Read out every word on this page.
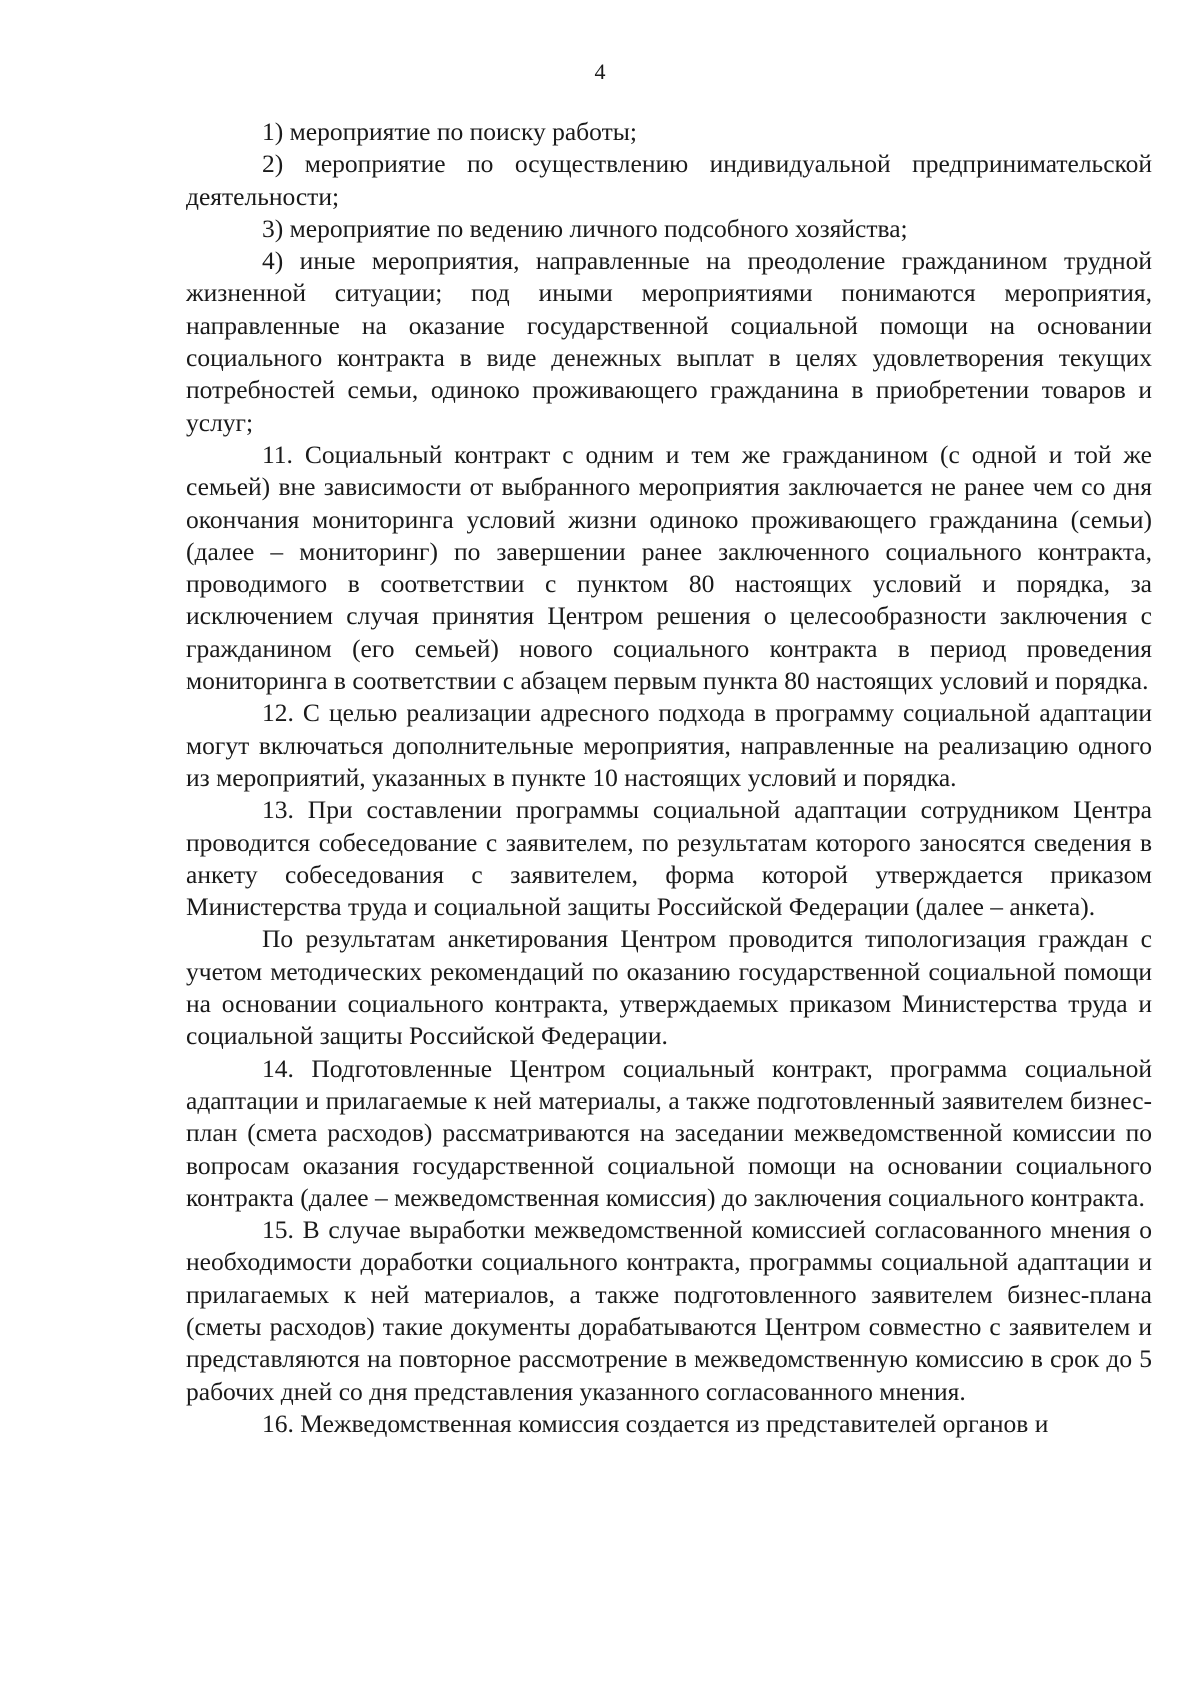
4

1) мероприятие по поиску работы;

2) мероприятие по осуществлению индивидуальной предпринимательской деятельности;

3) мероприятие по ведению личного подсобного хозяйства;

4) иные мероприятия, направленные на преодоление гражданином трудной жизненной ситуации; под иными мероприятиями понимаются мероприятия, направленные на оказание государственной социальной помощи на основании социального контракта в виде денежных выплат в целях удовлетворения текущих потребностей семьи, одиноко проживающего гражданина в приобретении товаров и услуг;

11. Социальный контракт с одним и тем же гражданином (с одной и той же семьей) вне зависимости от выбранного мероприятия заключается не ранее чем со дня окончания мониторинга условий жизни одиноко проживающего гражданина (семьи) (далее – мониторинг) по завершении ранее заключенного социального контракта, проводимого в соответствии с пунктом 80 настоящих условий и порядка, за исключением случая принятия Центром решения о целесообразности заключения с гражданином (его семьей) нового социального контракта в период проведения мониторинга в соответствии с абзацем первым пункта 80 настоящих условий и порядка.

12. С целью реализации адресного подхода в программу социальной адаптации могут включаться дополнительные мероприятия, направленные на реализацию одного из мероприятий, указанных в пункте 10 настоящих условий и порядка.

13. При составлении программы социальной адаптации сотрудником Центра проводится собеседование с заявителем, по результатам которого заносятся сведения в анкету собеседования с заявителем, форма которой утверждается приказом Министерства труда и социальной защиты Российской Федерации (далее – анкета).

По результатам анкетирования Центром проводится типологизация граждан с учетом методических рекомендаций по оказанию государственной социальной помощи на основании социального контракта, утверждаемых приказом Министерства труда и социальной защиты Российской Федерации.

14. Подготовленные Центром социальный контракт, программа социальной адаптации и прилагаемые к ней материалы, а также подготовленный заявителем бизнес-план (смета расходов) рассматриваются на заседании межведомственной комиссии по вопросам оказания государственной социальной помощи на основании социального контракта (далее – межведомственная комиссия) до заключения социального контракта.

15. В случае выработки межведомственной комиссией согласованного мнения о необходимости доработки социального контракта, программы социальной адаптации и прилагаемых к ней материалов, а также подготовленного заявителем бизнес-плана (сметы расходов) такие документы дорабатываются Центром совместно с заявителем и представляются на повторное рассмотрение в межведомственную комиссию в срок до 5 рабочих дней со дня представления указанного согласованного мнения.

16. Межведомственная комиссия создается из представителей органов и
